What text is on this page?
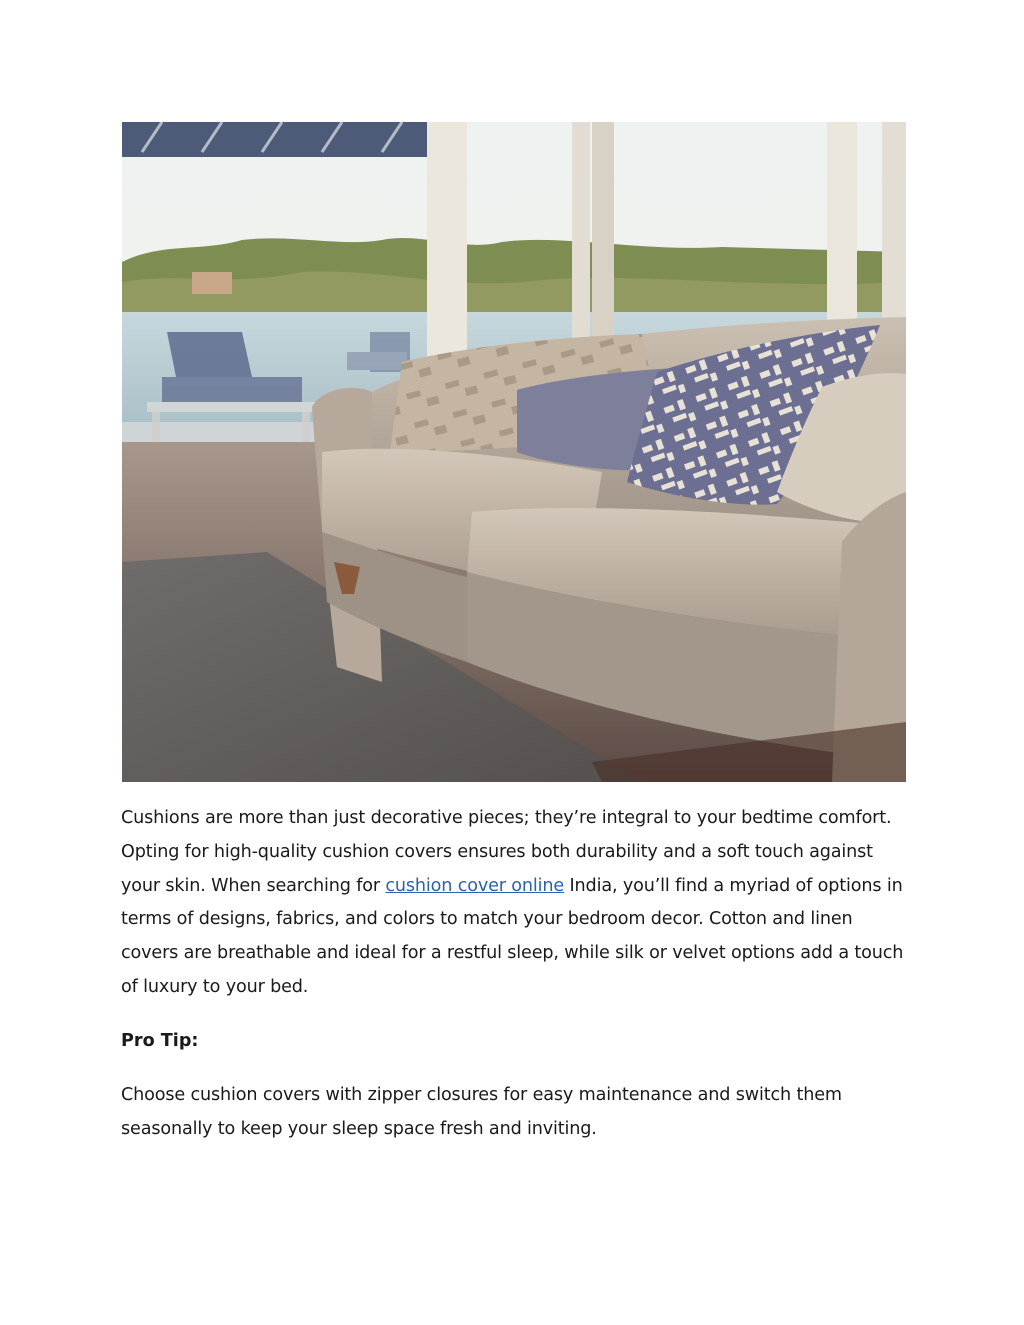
Cushions are more than just decorative pieces; they’re integral to your bedtime comfort. Opting for high-quality cushion covers ensures both durability and a soft touch against your skin. When searching for cushion cover online India, you’ll find a myriad of options in terms of designs, fabrics, and colors to match your bedroom decor. Cotton and linen covers are breathable and ideal for a restful sleep, while silk or velvet options add a touch of luxury to your bed.

Pro Tip:

Choose cushion covers with zipper closures for easy maintenance and switch them seasonally to keep your sleep space fresh and inviting.
